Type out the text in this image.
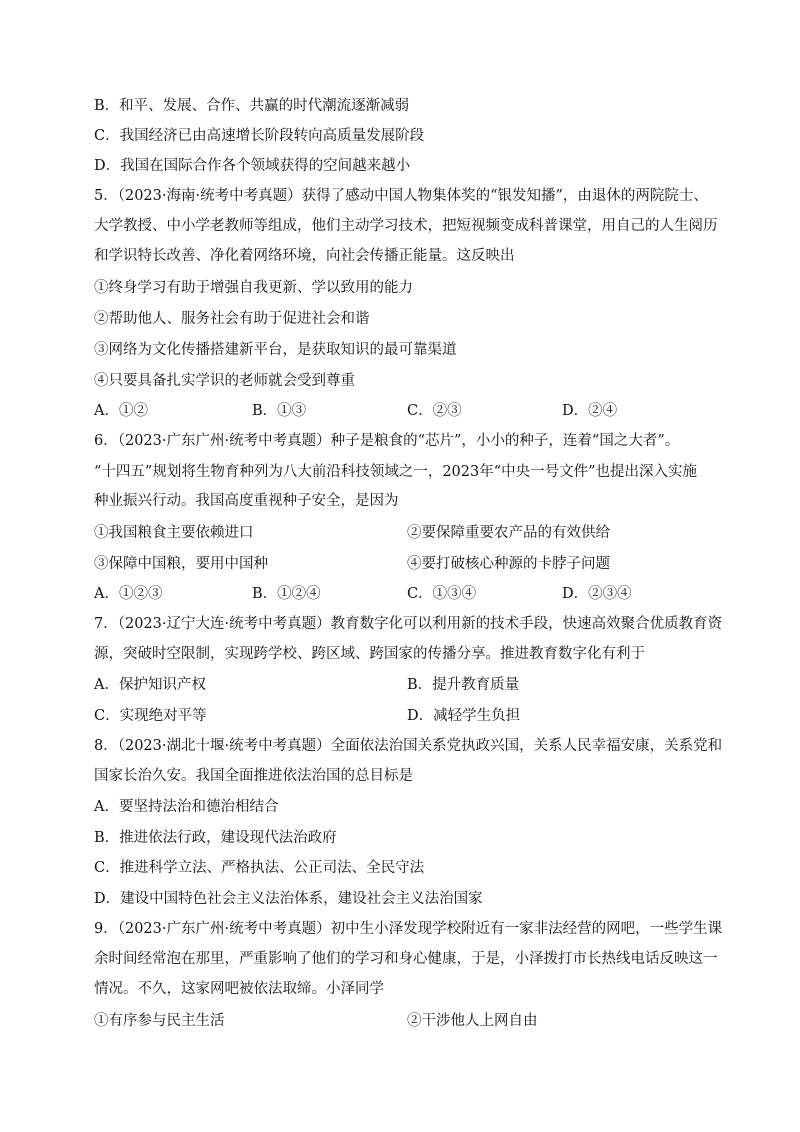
B．和平、发展、合作、共赢的时代潮流逐渐减弱
C．我国经济已由高速增长阶段转向高质量发展阶段
D．我国在国际合作各个领域获得的空间越来越小
5．（2023·海南·统考中考真题）获得了感动中国人物集体奖的“银发知播”，由退休的两院院士、
大学教授、中小学老教师等组成，他们主动学习技术，把短视频变成科普课堂，用自己的人生阅历
和学识特长改善、净化着网络环境，向社会传播正能量。这反映出
①终身学习有助于增强自我更新、学以致用的能力
②帮助他人、服务社会有助于促进社会和谐
③网络为文化传播搭建新平台，是获取知识的最可靠渠道
④只要具备扎实学识的老师就会受到尊重
A．①②	B．①③	C．②③	D．②④
6．（2023·广东广州·统考中考真题）种子是粮食的“芯片”，小小的种子，连着“国之大者”。
“十四五”规划将生物育种列为八大前沿科技领域之一，2023年“中央一号文件”也提出深入实施
种业振兴行动。我国高度重视种子安全，是因为
①我国粮食主要依赖进口	②要保障重要农产品的有效供给
③保障中国粮，要用中国种	④要打破核心种源的卡脖子问题
A．①②③	B．①②④	C．①③④	D．②③④
7．（2023·辽宁大连·统考中考真题）教育数字化可以利用新的技术手段，快速高效聚合优质教育资
源，突破时空限制，实现跨学校、跨区域、跨国家的传播分享。推进教育数字化有利于
A．保护知识产权	B．提升教育质量
C．实现绝对平等	D．减轻学生负担
8．（2023·湖北十堰·统考中考真题）全面依法治国关系党执政兴国，关系人民幸福安康，关系党和
国家长治久安。我国全面推进依法治国的总目标是
A．要坚持法治和德治相结合
B．推进依法行政，建设现代法治政府
C．推进科学立法、严格执法、公正司法、全民守法
D．建设中国特色社会主义法治体系，建设社会主义法治国家
9．（2023·广东广州·统考中考真题）初中生小泽发现学校附近有一家非法经营的网吧，一些学生课
余时间经常泡在那里，严重影响了他们的学习和身心健康，于是，小泽拨打市长热线电话反映这一
情况。不久，这家网吧被依法取缔。小泽同学
①有序参与民主生活	②干涉他人上网自由
